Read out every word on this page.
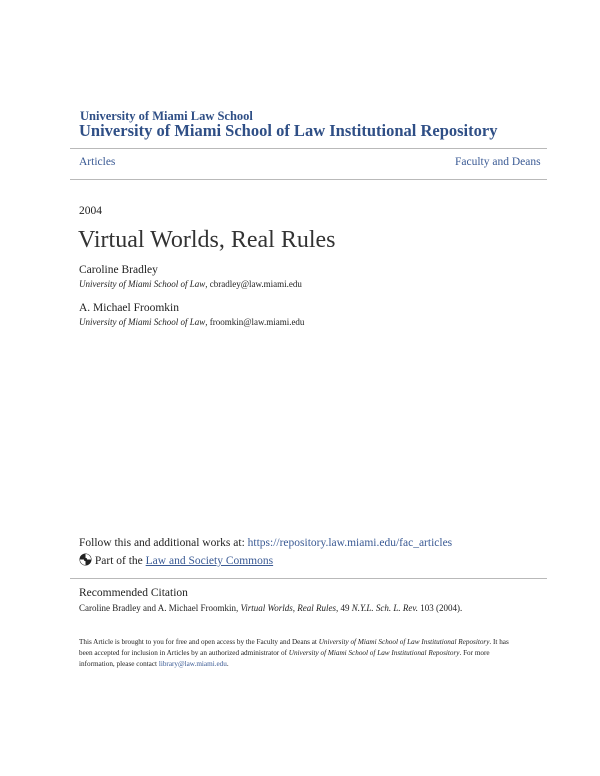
University of Miami Law School
University of Miami School of Law Institutional Repository
Articles	Faculty and Deans
2004
Virtual Worlds, Real Rules
Caroline Bradley
University of Miami School of Law, cbradley@law.miami.edu
A. Michael Froomkin
University of Miami School of Law, froomkin@law.miami.edu
Follow this and additional works at: https://repository.law.miami.edu/fac_articles
Part of the Law and Society Commons
Recommended Citation
Caroline Bradley and A. Michael Froomkin, Virtual Worlds, Real Rules, 49 N.Y.L. Sch. L. Rev. 103 (2004).
This Article is brought to you for free and open access by the Faculty and Deans at University of Miami School of Law Institutional Repository. It has
been accepted for inclusion in Articles by an authorized administrator of University of Miami School of Law Institutional Repository. For more
information, please contact library@law.miami.edu.
